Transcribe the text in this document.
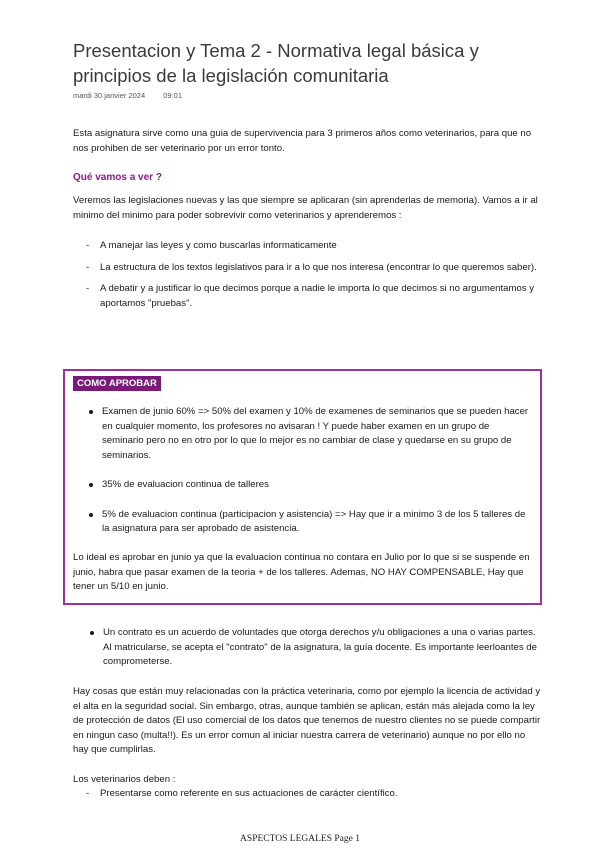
Presentacion y Tema 2 - Normativa legal básica y principios de la legislación comunitaria
mardi 30 janvier 2024 09:01

Esta asignatura sirve como una guia de supervivencia para 3 primeros años como veterinarios, para que no nos prohiben de ser veterinario por un error tonto.

Qué vamos a ver ?

Veremos las legislaciones nuevas y las que siempre se aplicaran (sin aprenderlas de memoria). Vamos a ir al minimo del minimo para poder sobrevivir como veterinarios y aprenderemos :

- A manejar las leyes y como buscarlas informaticamente
- La estructura de los textos legislativos para ir a lo que nos interesa (encontrar lo que queremos saber).
- A debatir y a justificar lo que decimos porque a nadie le importa lo que decimos si no argumentamos y aportamos "pruebas".
COMO APROBAR
Examen de junio 60% => 50% del examen y 10% de examenes de seminarios que se pueden hacer en cualquier momento, los profesores no avisaran ! Y puede haber examen en un grupo de seminario pero no en otro por lo que lo mejor es no cambiar de clase y quedarse en su grupo de seminarios.
35% de evaluacion continua de talleres
5% de evaluacion continua (participacion y asistencia) => Hay que ir a minimo 3 de los 5 talleres de la asignatura para ser aprobado de asistencia.

Lo ideal es aprobar en junio ya que la evaluacion continua no contara en Julio por lo que si se suspende en junio, habra que pasar examen de la teoria + de los talleres. Ademas, NO HAY COMPENSABLE, Hay que tener un 5/10 en junio.

Un contrato es un acuerdo de voluntades que otorga derechos y/u obligaciones a una o varias partes. Al matricularse, se acepta el "contrato" de la asignatura, la guía docente. Es importante leerloantes de comprometerse.

Hay cosas que están muy relacionadas con la práctica veterinaria, como por ejemplo la licencia de actividad y el alta en la seguridad social. Sin embargo, otras, aunque también se aplican, están más alejada como la ley de protección de datos (El uso comercial de los datos que tenemos de nuestro clientes no se puede compartir en ningun caso (multa!!). Es un error comun al iniciar nuestra carrera de veterinario) aunque no por ello no hay que cumplirlas.

Los veterinarios deben :
- Presentarse como referente en sus actuaciones de carácter científico.
ASPECTOS LEGALES Page 1
